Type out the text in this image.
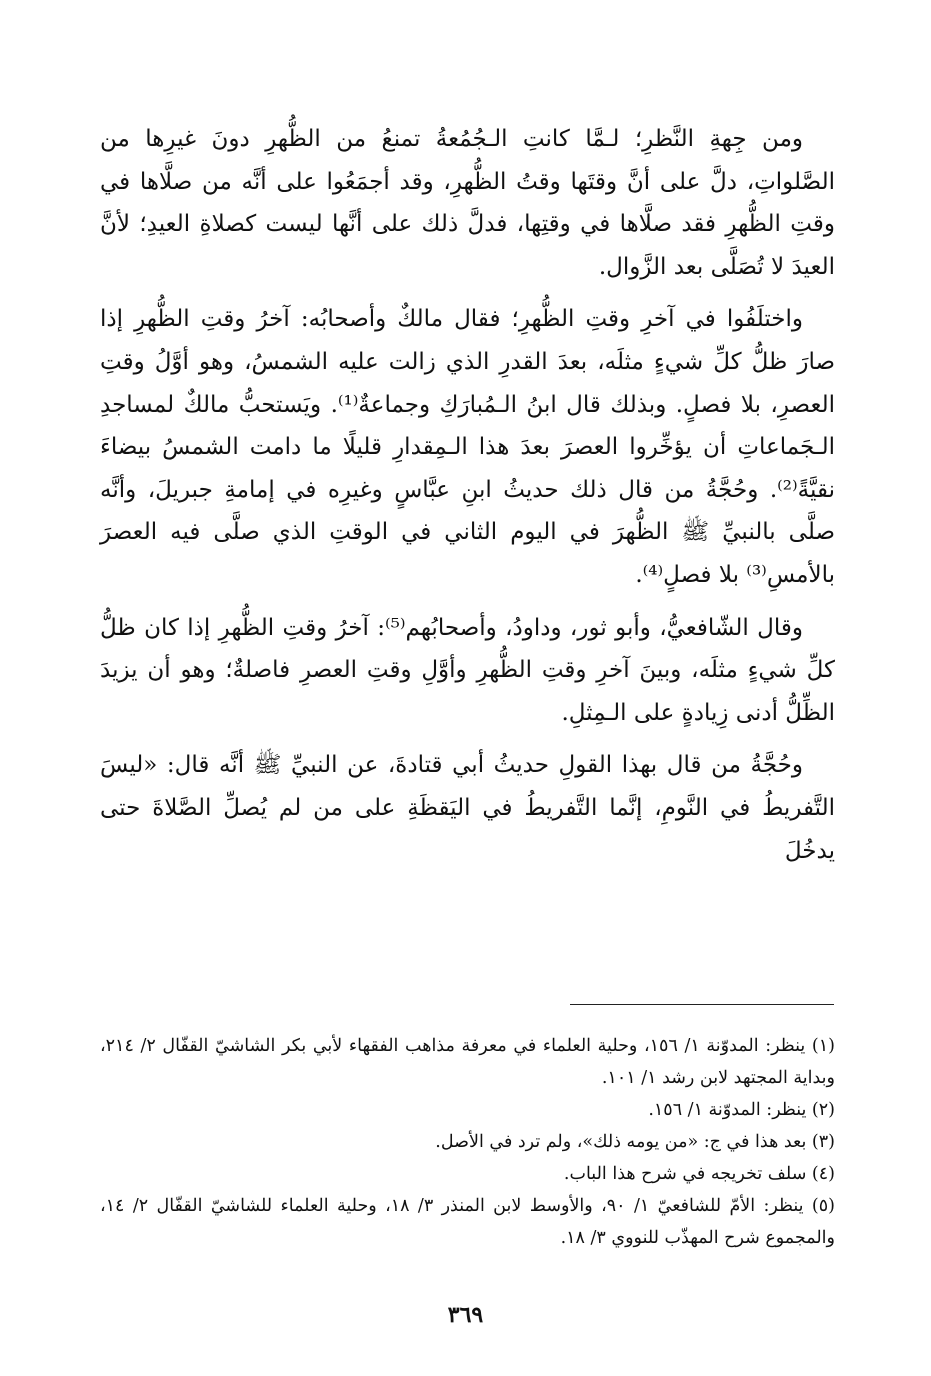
ومن جِهةِ النَّظرِ؛ لـمَّا كانتِ الـجُمُعةُ تمنعُ من الظُّهرِ دونَ غيرِها من الصَّلواتِ، دلَّ على أنَّ وقتَها وقتُ الظُّهرِ، وقد أجمَعُوا على أنَّه من صلَّاها في وقتِ الظُّهرِ فقد صلَّاها في وقتِها، فدلَّ ذلك على أنَّها ليست كصلاةِ العيدِ؛ لأنَّ العيدَ لا تُصَلَّى بعد الزَّوال.

واختلَفُوا في آخرِ وقتِ الظُّهرِ؛ فقال مالكٌ وأصحابُه: آخرُ وقتِ الظُّهرِ إذا صارَ ظلُّ كلِّ شيءٍ مثلَه، بعدَ القدرِ الذي زالت عليه الشمسُ، وهو أوَّلُ وقتِ العصرِ، بلا فصلٍ. وبذلك قال ابنُ الـمُبارَكِ وجماعةٌ⁽¹⁾. ويَستحبُّ مالكٌ لمساجدِ الـجَماعاتِ أن يؤخِّروا العصرَ بعدَ هذا الـمِقدارِ قليلًا ما دامت الشمسُ بيضاءَ نقيَّةً⁽²⁾. وحُجَّةُ من قال ذلك حديثُ ابنِ عبَّاسٍ وغيرِه في إمامةِ جبريلَ، وأنَّه صلَّى بالنبيِّ ﷺ الظُّهرَ في اليوم الثاني في الوقتِ الذي صلَّى فيه العصرَ بالأمسِ⁽³⁾ بلا فصلٍ⁽⁴⁾.

وقال الشّافعيُّ، وأبو ثور، وداودُ، وأصحابُهم⁽⁵⁾: آخرُ وقتِ الظُّهرِ إذا كان ظلُّ كلِّ شيءٍ مثلَه، وبينَ آخرِ وقتِ الظُّهرِ وأوَّلِ وقتِ العصرِ فاصلةٌ؛ وهو أن يزيدَ الظِّلُّ أدنى زِيادةٍ على الـمِثلِ.

وحُجَّةُ من قال بهذا القولِ حديثُ أبي قتادةَ، عن النبيِّ ﷺ أنَّه قال: «ليسَ التَّفريطُ في النَّومِ، إنَّما التَّفريطُ في اليَقظَةِ على من لم يُصلِّ الصَّلاةَ حتى يدخُلَ

(١) ينظر: المدوّنة ١/ ١٥٦، وحلية العلماء في معرفة مذاهب الفقهاء لأبي بكر الشاشيّ القفّال ٢/ ٢١٤، وبداية المجتهد لابن رشد ١/ ١٠١.

(٢) ينظر: المدوّنة ١/ ١٥٦.

(٣) بعد هذا في ج: «من يومه ذلك»، ولم ترد في الأصل.

(٤) سلف تخريجه في شرح هذا الباب.

(٥) ينظر: الأمّ للشافعيّ ١/ ٩٠، والأوسط لابن المنذر ٣/ ١٨، وحلية العلماء للشاشيّ القفّال ٢/ ١٤، والمجموع شرح المهذّب للنووي ٣/ ١٨.

٣٦٩
